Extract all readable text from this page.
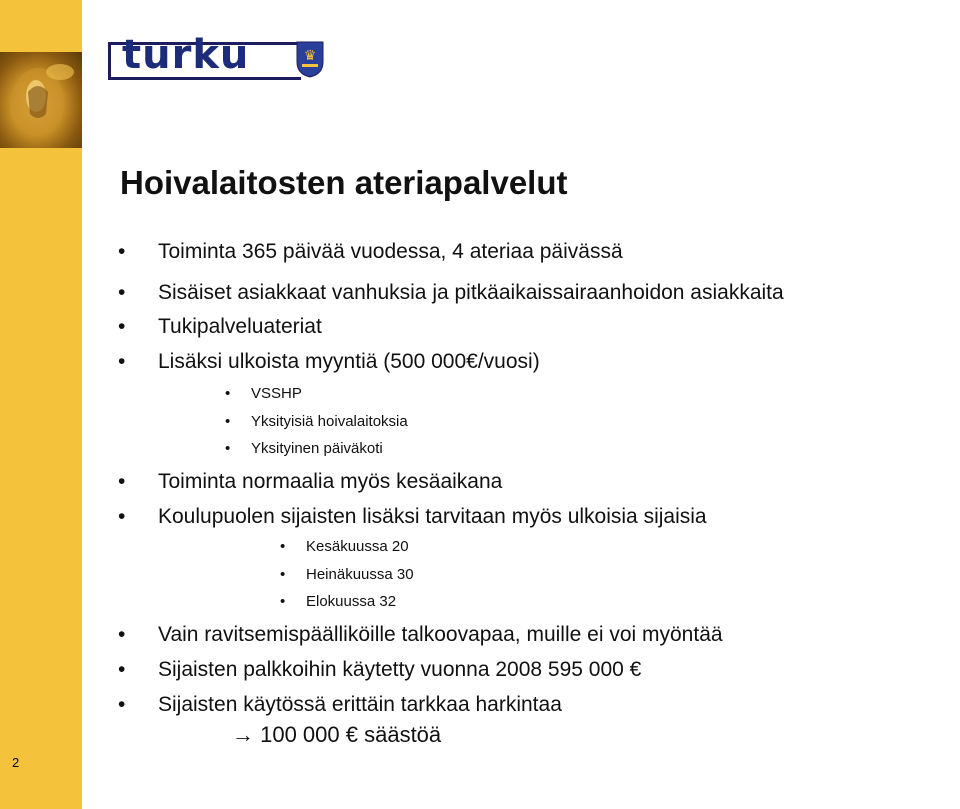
2
turku	♛
Hoivalaitosten ateriapalvelut
• Toiminta 365 päivää vuodessa, 4 ateriaa päivässä
• Sisäiset asiakkaat vanhuksia ja pitkäaikaissairaanhoidon asiakkaita
• Tukipalveluateriat
• Lisäksi ulkoista myyntiä (500 000€/vuosi)
• VSSHP
• Yksityisiä hoivalaitoksia
• Yksityinen päiväkoti
• Toiminta normaalia myös kesäaikana
• Koulupuolen sijaisten lisäksi tarvitaan myös ulkoisia sijaisia
• Kesäkuussa 20
• Heinäkuussa 30
• Elokuussa 32
• Vain ravitsemispäälliköille talkoovapaa, muille ei voi myöntää
• Sijaisten palkkoihin käytetty vuonna 2008 595 000 €
• Sijaisten käytössä erittäin tarkkaa harkintaa
→ 100 000 € säästöä
